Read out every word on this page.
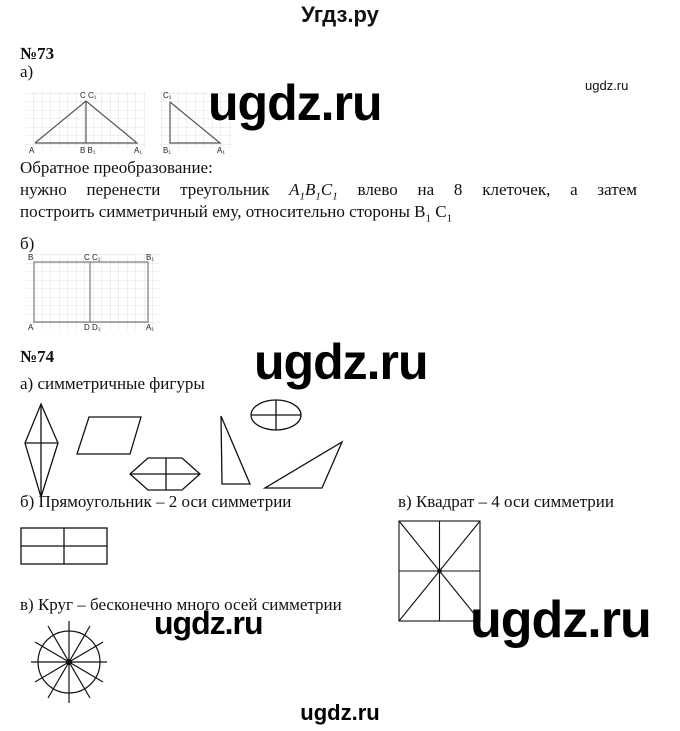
Угдз.ру
№73
а)
ugdz.ru
C C₁
A	B B₁	A₁
C₁
B₁	A₁
B	C C₁	B₁
A	D D₁	A₁
ugdz.ru
Обратное преобразование:
нужно перенести треугольник $A_1B_1C_1$ влево на 8 клеточек, а затем
построить симметричный ему, относительно стороны $B_1$ $C_1$
б)
ugdz.ru
№74
а) симметричные фигуры
б) Прямоугольник – 2 оси симметрии	в) Квадрат – 4 оси симметрии
в) Круг – бесконечно много осей симметрии
ugdz.ru	ugdz.ru
ugdz.ru
